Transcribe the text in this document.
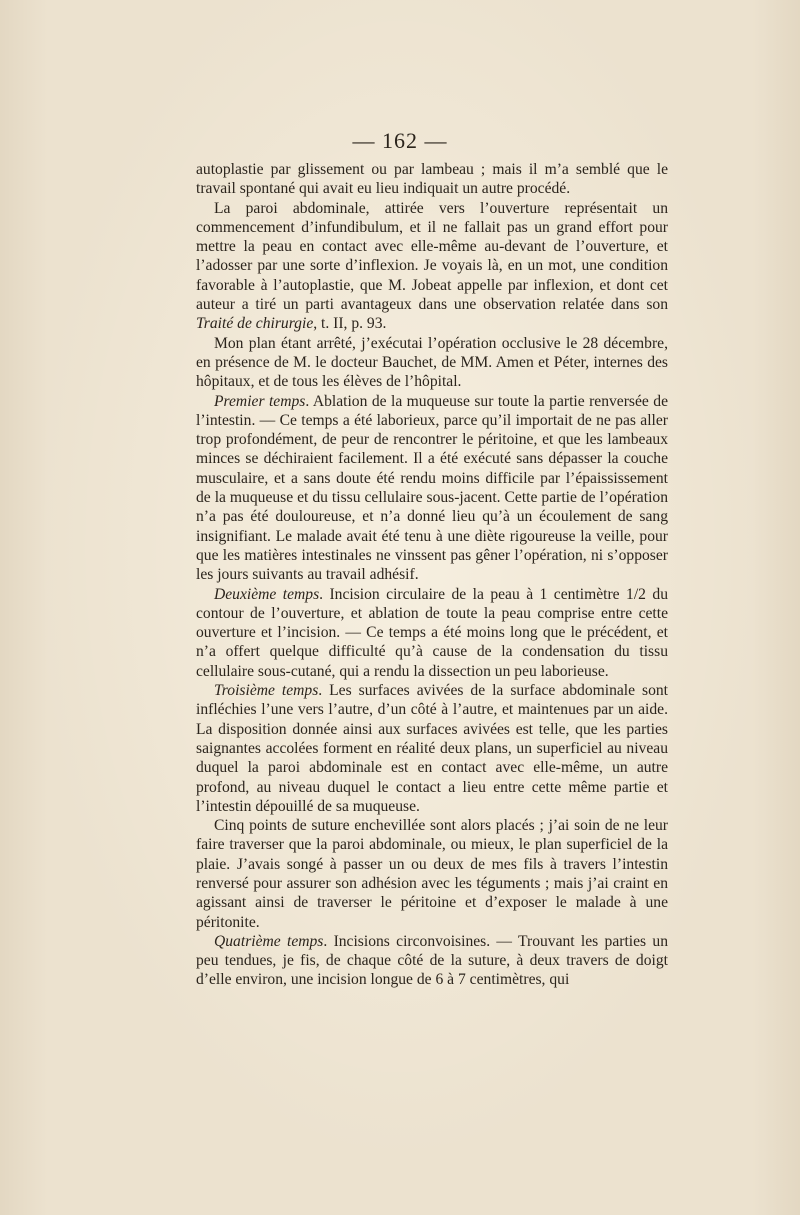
— 162 —

autoplastie par glissement ou par lambeau ; mais il m’a semblé que le travail spontané qui avait eu lieu indiquait un autre procédé.

La paroi abdominale, attirée vers l’ouverture représentait un commencement d’infundibulum, et il ne fallait pas un grand effort pour mettre la peau en contact avec elle-même au-devant de l’ouverture, et l’adosser par une sorte d’inflexion. Je voyais là, en un mot, une condition favorable à l’autoplastie, que M. Jobeat appelle par inflexion, et dont cet auteur a tiré un parti avantageux dans une observation relatée dans son Traité de chirurgie, t. II, p. 93.

Mon plan étant arrêté, j’exécutai l’opération occlusive le 28 décembre, en présence de M. le docteur Bauchet, de MM. Amen et Péter, internes des hôpitaux, et de tous les élèves de l’hôpital.

Premier temps. Ablation de la muqueuse sur toute la partie renversée de l’intestin. — Ce temps a été laborieux, parce qu’il importait de ne pas aller trop profondément, de peur de rencontrer le péritoine, et que les lambeaux minces se déchiraient facilement. Il a été exécuté sans dépasser la couche musculaire, et a sans doute été rendu moins difficile par l’épaississement de la muqueuse et du tissu cellulaire sous-jacent. Cette partie de l’opération n’a pas été douloureuse, et n’a donné lieu qu’à un écoulement de sang insignifiant. Le malade avait été tenu à une diète rigoureuse la veille, pour que les matières intestinales ne vinssent pas gêner l’opération, ni s’opposer les jours suivants au travail adhésif.

Deuxième temps. Incision circulaire de la peau à 1 centimètre 1/2 du contour de l’ouverture, et ablation de toute la peau comprise entre cette ouverture et l’incision. — Ce temps a été moins long que le précédent, et n’a offert quelque difficulté qu’à cause de la condensation du tissu cellulaire sous-cutané, qui a rendu la dissection un peu laborieuse.

Troisième temps. Les surfaces avivées de la surface abdominale sont infléchies l’une vers l’autre, d’un côté à l’autre, et maintenues par un aide. La disposition donnée ainsi aux surfaces avivées est telle, que les parties saignantes accolées forment en réalité deux plans, un superficiel au niveau duquel la paroi abdominale est en contact avec elle-même, un autre profond, au niveau duquel le contact a lieu entre cette même partie et l’intestin dépouillé de sa muqueuse.

Cinq points de suture enchevillée sont alors placés ; j’ai soin de ne leur faire traverser que la paroi abdominale, ou mieux, le plan superficiel de la plaie. J’avais songé à passer un ou deux de mes fils à travers l’intestin renversé pour assurer son adhésion avec les téguments ; mais j’ai craint en agissant ainsi de traverser le péritoine et d’exposer le malade à une péritonite.

Quatrième temps. Incisions circonvoisines. — Trouvant les parties un peu tendues, je fis, de chaque côté de la suture, à deux travers de doigt d’elle environ, une incision longue de 6 à 7 centimètres, qui
